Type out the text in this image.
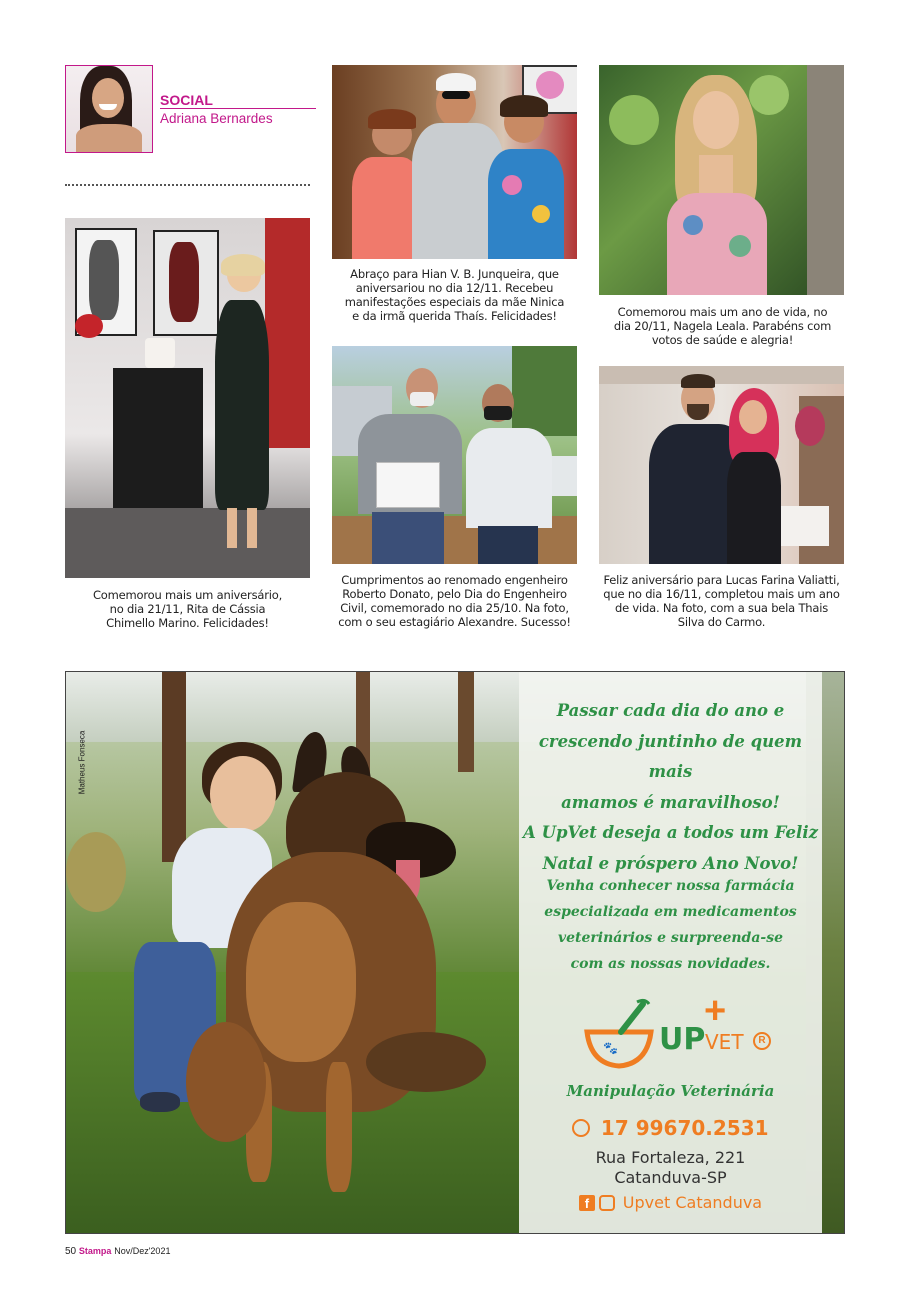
SOCIAL
Adriana Bernardes
Comemorou mais um aniversário, no dia 21/11, Rita de Cássia Chimello Marino. Felicidades!
Abraço para Hian V. B. Junqueira, que aniversariou no dia 12/11. Recebeu manifestações especiais da mãe Ninica e da irmã querida Thaís. Felicidades!	Comemorou mais um ano de vida, no dia 20/11, Nagela Leala. Parabéns com votos de saúde e alegria!
Cumprimentos ao renomado engenheiro Roberto Donato, pelo Dia do Engenheiro Civil, comemorado no dia 25/10. Na foto, com o seu estagiário Alexandre. Sucesso!
Feliz aniversário para Lucas Farina Valiatti, que no dia 16/11, completou mais um ano de vida. Na foto, com a sua bela Thais Silva do Carmo.
Matheus Fonseca
Passar cada dia do ano e
crescendo juntinho de quem mais
amamos é maravilhoso!
A UpVet deseja a todos um Feliz
Natal e próspero Ano Novo!
Venha conhecer nossa farmácia
especializada em medicamentos
veterinários e surpreenda-se
com as nossas novidades.
🐾 UP
+
VET	R
Manipulação Veterinária
17 99670.2531
Rua Fortaleza, 221
Catanduva-SP
f Upvet Catanduva
50 Stampa Nov/Dez'2021
